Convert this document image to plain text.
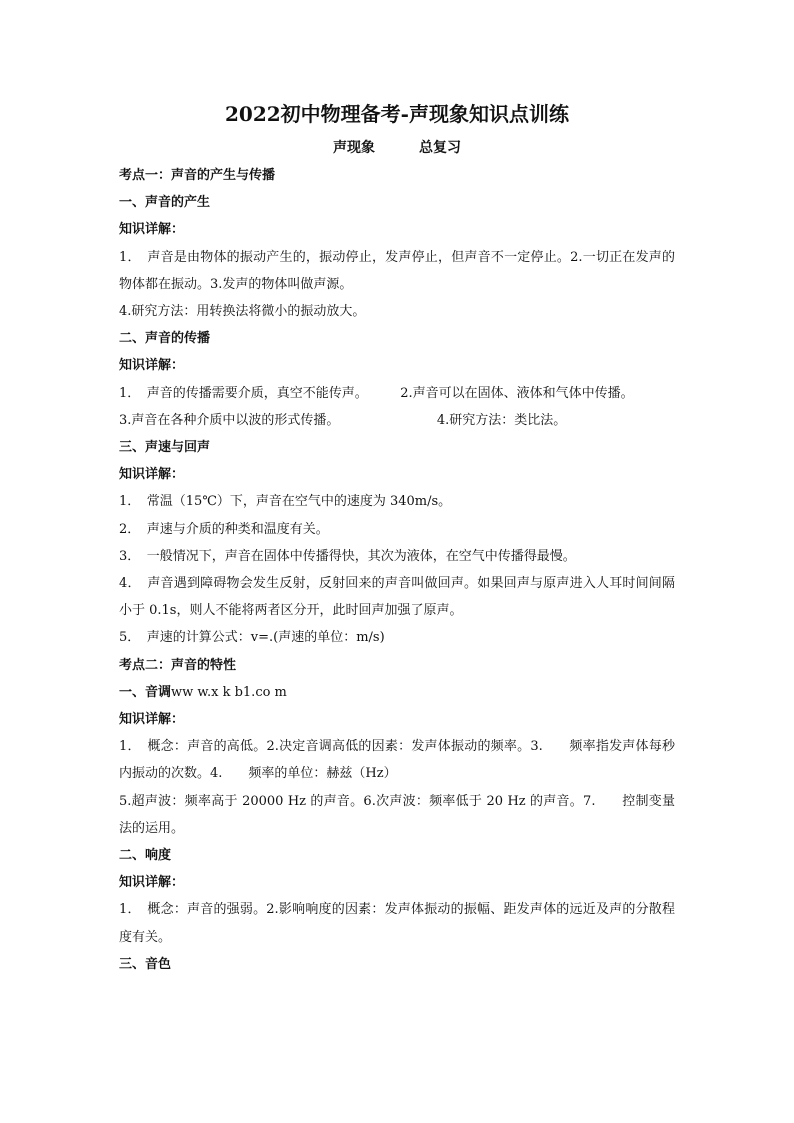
2022初中物理备考-声现象知识点训练
声现象	总复习

考点一：声音的产生与传播

一、声音的产生

知识详解：

1．　声音是由物体的振动产生的，振动停止，发声停止，但声音不一定停止。2.一切正在发声的物体都在振动。3.发声的物体叫做声源。

4.研究方法：用转换法将微小的振动放大。

二、声音的传播

知识详解：

1．　声音的传播需要介质，真空不能传声。　　　2.声音可以在固体、液体和气体中传播。

3.声音在各种介质中以波的形式传播。　　　　　　　　4.研究方法：类比法。

三、声速与回声

知识详解：

1．　常温（15℃）下，声音在空气中的速度为 340m/s。

2．　声速与介质的种类和温度有关。

3．　一般情况下，声音在固体中传播得快，其次为液体，在空气中传播得最慢。

4．　声音遇到障碍物会发生反射，反射回来的声音叫做回声。如果回声与原声进入人耳时间间隔小于 0.1s，则人不能将两者区分开，此时回声加强了原声。

5．　声速的计算公式：v=.(声速的单位：m/s)

考点二：声音的特性

一、音调ww w.x k b1.co m

知识详解：

1．　概念：声音的高低。2.决定音调高低的因素：发声体振动的频率。3.　　频率指发声体每秒内振动的次数。4.　　频率的单位：赫兹（Hz）

5.超声波：频率高于 20000 Hz 的声音。6.次声波：频率低于 20 Hz 的声音。7.　　控制变量法的运用。

二、响度

知识详解：

1．　概念：声音的强弱。2.影响响度的因素：发声体振动的振幅、距发声体的远近及声的分散程度有关。

三、音色
